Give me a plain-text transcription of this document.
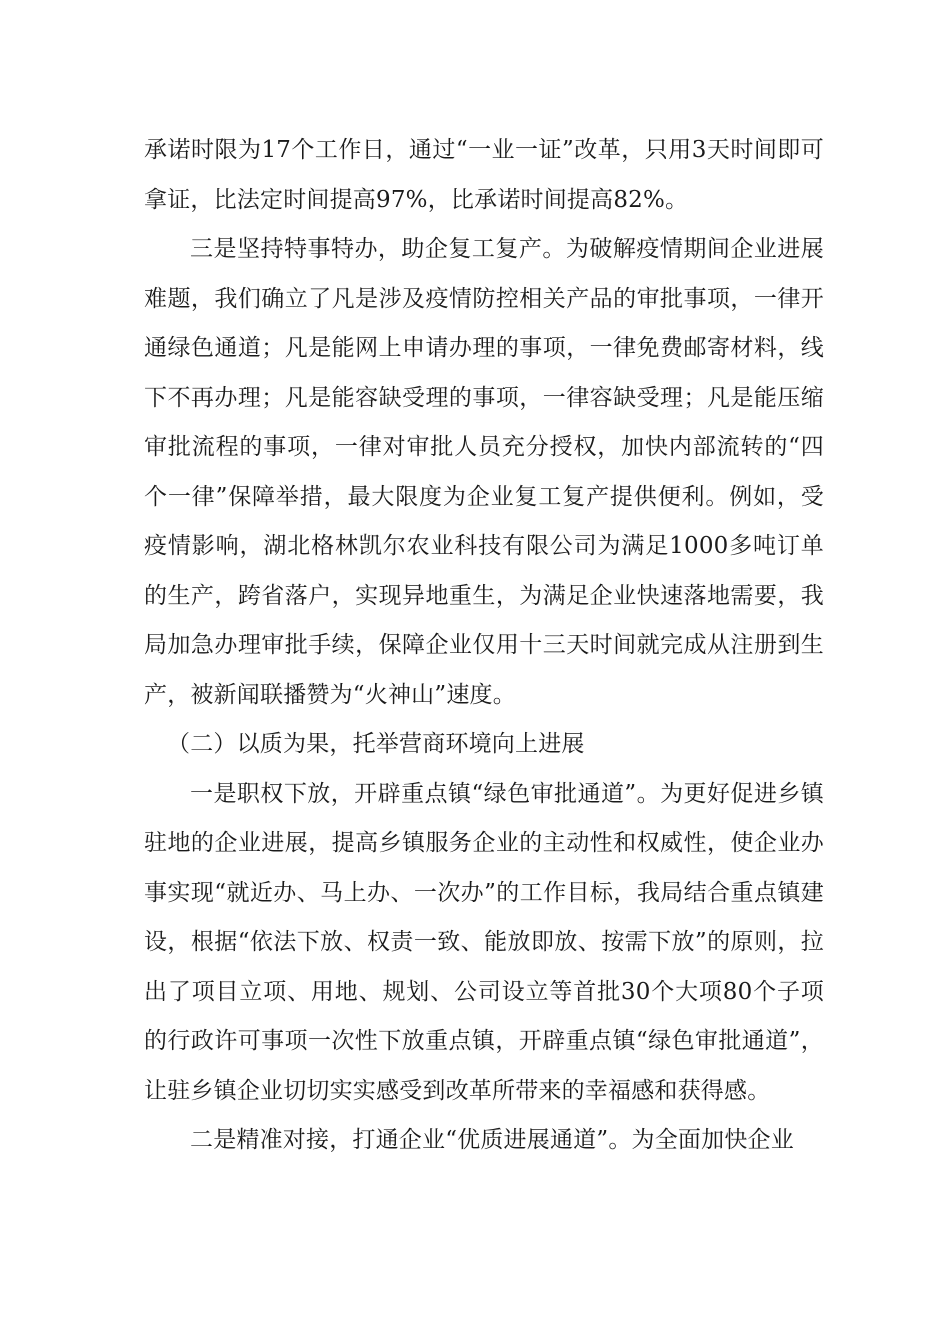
承诺时限为17个工作日，通过“一业一证”改革，只用3天时间即可拿证，比法定时间提高97%，比承诺时间提高82%。

三是坚持特事特办，助企复工复产。为破解疫情期间企业进展难题，我们确立了凡是涉及疫情防控相关产品的审批事项，一律开通绿色通道；凡是能网上申请办理的事项，一律免费邮寄材料，线下不再办理；凡是能容缺受理的事项，一律容缺受理；凡是能压缩审批流程的事项，一律对审批人员充分授权，加快内部流转的“四个一律”保障举措，最大限度为企业复工复产提供便利。例如，受疫情影响，湖北格林凯尔农业科技有限公司为满足1000多吨订单的生产，跨省落户，实现异地重生，为满足企业快速落地需要，我局加急办理审批手续，保障企业仅用十三天时间就完成从注册到生产，被新闻联播赞为“火神山”速度。

（二）以质为果，托举营商环境向上进展

一是职权下放，开辟重点镇“绿色审批通道”。为更好促进乡镇驻地的企业进展，提高乡镇服务企业的主动性和权威性，使企业办事实现“就近办、马上办、一次办”的工作目标，我局结合重点镇建设，根据“依法下放、权责一致、能放即放、按需下放”的原则，拉出了项目立项、用地、规划、公司设立等首批30个大项80个子项的行政许可事项一次性下放重点镇，开辟重点镇“绿色审批通道”，让驻乡镇企业切切实实感受到改革所带来的幸福感和获得感。

二是精准对接，打通企业“优质进展通道”。为全面加快企业
